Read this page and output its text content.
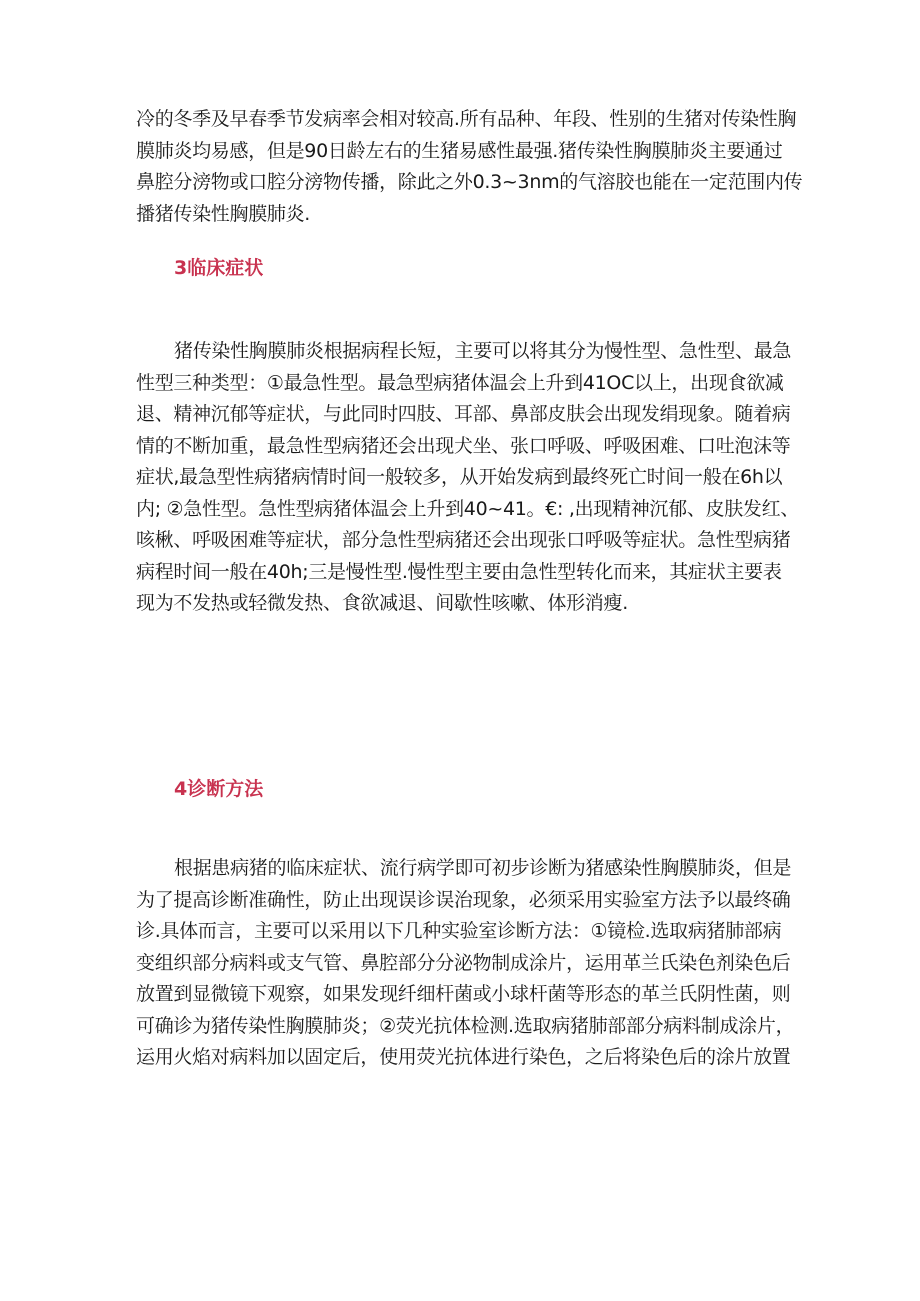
冷的冬季及早春季节发病率会相对较高.所有品种、年段、性别的生猪对传染性胸
膜肺炎均易感，但是90日龄左右的生猪易感性最强.猪传染性胸膜肺炎主要通过
鼻腔分滂物或口腔分滂物传播，除此之外0.3~3nm的气溶胶也能在一定范围内传
播猪传染性胸膜肺炎.
3临床症状
猪传染性胸膜肺炎根据病程长短，主要可以将其分为慢性型、急性型、最急
性型三种类型：①最急性型。最急型病猪体温会上升到41OC以上，出现食欲减
退、精神沉郁等症状，与此同时四肢、耳部、鼻部皮肤会出现发绢现象。随着病
情的不断加重，最急性型病猪还会出现犬坐、张口呼吸、呼吸困难、口吐泡沫等
症状,最急型性病猪病情时间一般较多，从开始发病到最终死亡时间一般在6h以
内; ②急性型。急性型病猪体温会上升到40~41。€: ,出现精神沉郁、皮肤发红、
咳楸、呼吸困难等症状，部分急性型病猪还会出现张口呼吸等症状。急性型病猪
病程时间一般在40h;三是慢性型.慢性型主要由急性型转化而来，其症状主要表
现为不发热或轻微发热、食欲减退、间歇性咳嗽、体形消瘦.
4诊断方法
根据患病猪的临床症状、流行病学即可初步诊断为猪感染性胸膜肺炎，但是
为了提高诊断准确性，防止出现误诊误治现象，必须采用实验室方法予以最终确
诊.具体而言，主要可以采用以下几种实验室诊断方法：①镜检.选取病猪肺部病
变组织部分病料或支气管、鼻腔部分分泌物制成涂片，运用革兰氏染色剂染色后
放置到显微镜下观察，如果发现纤细杆菌或小球杆菌等形态的革兰氏阴性菌，则
可确诊为猪传染性胸膜肺炎；②荧光抗体检测.选取病猪肺部部分病料制成涂片，
运用火焰对病料加以固定后，使用荧光抗体进行染色，之后将染色后的涂片放置
